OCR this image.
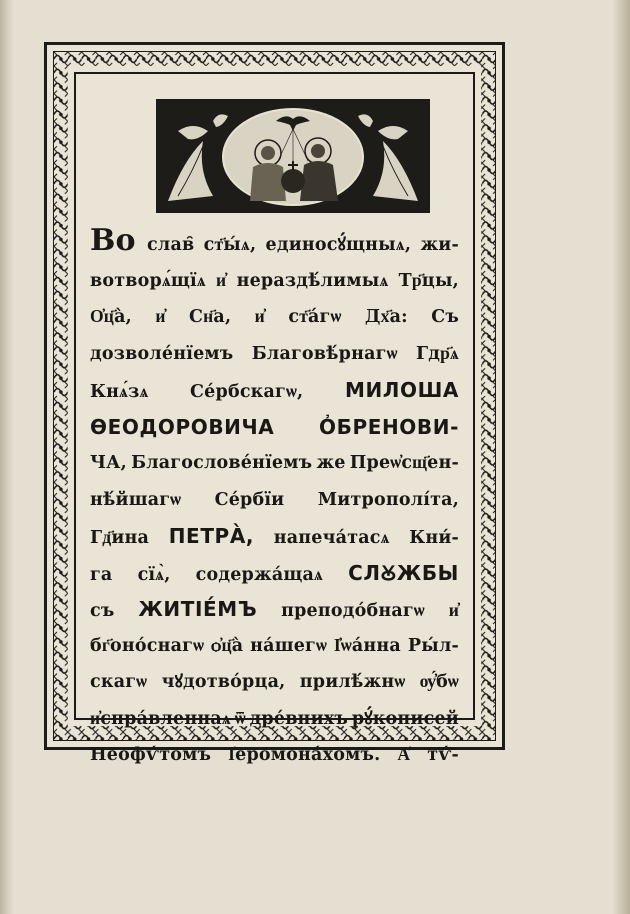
Во слав̑ ст҃ы́ѧ, единосꙋ́щныѧ, жи-
вотворѧ́щїѧ и҆ нераздѣ́лимыѧ Тр҃цы,
О҆ц҃а̀, и҆ Сн҃а, и҆ ст҃а́гѡ Дх҃а: Съ
дозволе́нїемъ Благовѣ́рнагѡ Гдр҃ѧ
Кнѧ́зѧ Се́рбскагѡ, МИЛОША
ѲЕОДОРОВИЧА О҆БРЕНОВИ-
ЧА, Благослове́нїемъ же Преѡ҆сщ҃ен-
нѣ́йшагѡ Се́рбїи Митрополі́та,
Гд҃ина ПЕТРА̀, напеча́тасѧ Кни́-
га сїѧ̀, содержа́щаѧ СЛꙊЖБЫ
съ ЖИТІЕ́МЪ преподо́бнагѡ и҆
бг҃оно́снагѡ ѻ҆ц҃а̀ на́шегѡ І҆ѡа́нна Ры́л-
скагѡ чꙋдотво́рца, прилѣ́жнѡ ѹ҆́бѡ
и҆спра́вленнаѧ ѿ дре́внихъ рꙋ́кописей
Неофѵ́томъ І҆еромона́хомъ. А҆ тѵ́-
